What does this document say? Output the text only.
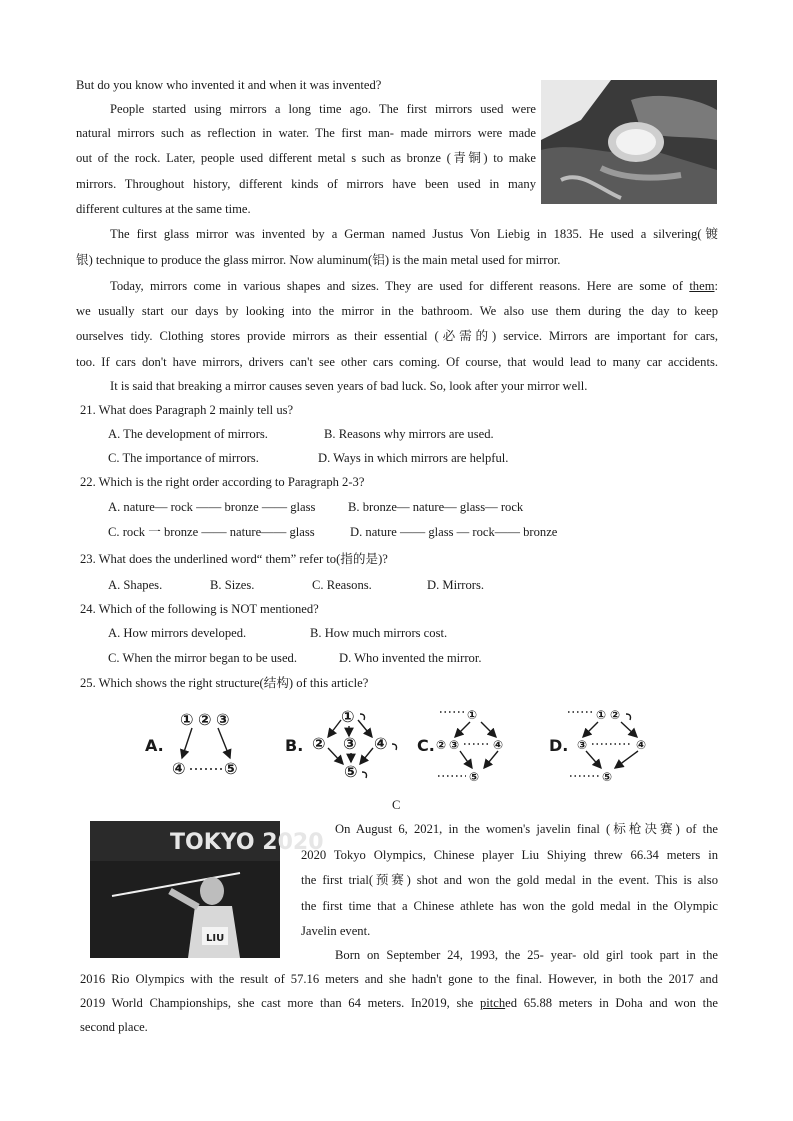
But do you know who invented it and when it was invented?
People started using mirrors a long time ago. The first mirrors used were
natural mirrors such as reflection in water. The first man- made mirrors were made
out of the rock. Later, people used different metal s such as bronze (青铜) to make
mirrors. Throughout history, different kinds of mirrors have been used in many
different cultures at the same time.
The first glass mirror was invented by a German named Justus Von Liebig in 1835. He used a silvering(镀
银) technique to produce the glass mirror. Now aluminum(铝) is the main metal used for mirror.
Today, mirrors come in various shapes and sizes. They are used for different reasons. Here are some of them:
we usually start our days by looking into the mirror in the bathroom. We also use them during the day to keep
ourselves tidy. Clothing stores provide mirrors as their essential (必需的) service. Mirrors are important for cars,
too. If cars don't have mirrors, drivers can't see other cars coming. Of course, that would lead to many car accidents.
It is said that breaking a mirror causes seven years of bad luck. So, look after your mirror well.
21. What does Paragraph 2 mainly tell us?
A. The development of mirrors.	B. Reasons why mirrors are used.
C. The importance of mirrors.	D. Ways in which mirrors are helpful.
22. Which is the right order according to Paragraph 2-3?
A. nature— rock —— bronze —— glass	B. bronze— nature— glass— rock
C. rock 一 bronze —— nature—— glass	D. nature —— glass — rock—— bronze
23. What does the underlined word“ them” refer to(指的是)?
A. Shapes.	B. Sizes.	C. Reasons.	D. Mirrors.
24. Which of the following is NOT mentioned?
A. How mirrors developed.	B. How much mirrors cost.
C. When the mirror began to be used.	D. Who invented the mirror.
25. Which shows the right structure(结构) of this article?
A.
① ② ③
④ ⑤
B.
①
② ③ ④
⑤
C.
①
② ③	④
⑤
D.
① ②
③	④
⑤
C
TOKYO 2020
LIU
On August 6, 2021, in the women's javelin final (标枪决赛) of the
2020 Tokyo Olympics, Chinese player Liu Shiying threw 66.34 meters in
the first trial(预赛) shot and won the gold medal in the event. This is also
the first time that a Chinese athlete has won the gold medal in the Olympic
Javelin event.
Born on September 24, 1993, the 25- year- old girl took part in the
2016 Rio Olympics with the result of 57.16 meters and she hadn't gone to the final. However, in both the 2017 and
2019 World Championships, she cast more than 64 meters. In2019, she pitched 65.88 meters in Doha and won the
second place.
